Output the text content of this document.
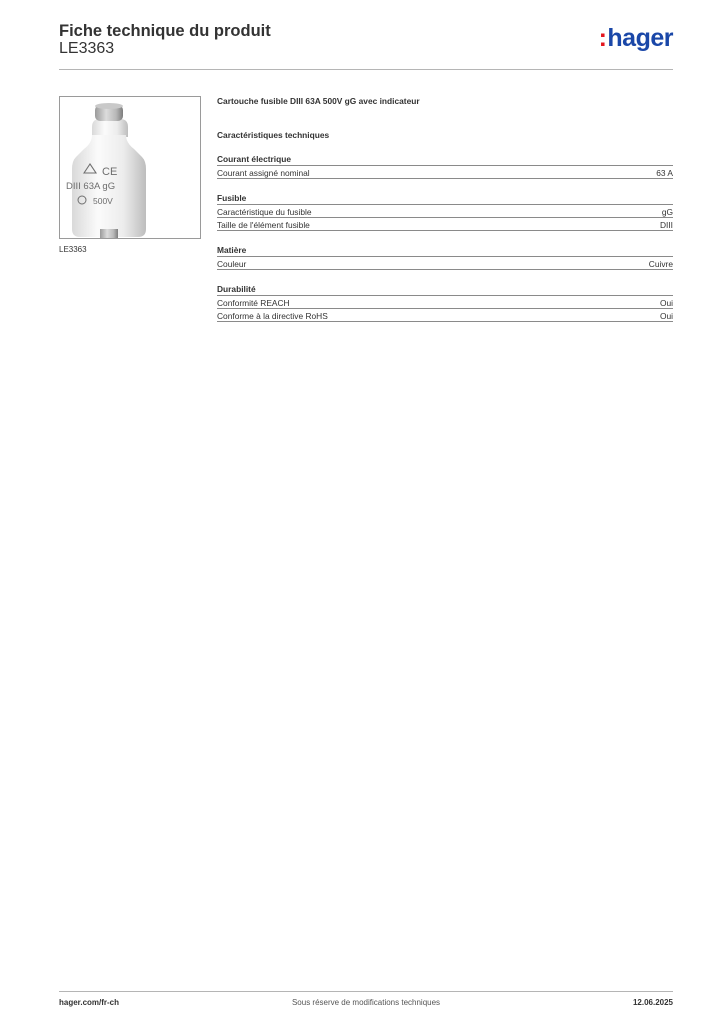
Fiche technique du produit
LE3363	:hager
CE
DIII 63A gG
500V
LE3363
Cartouche fusible DIII 63A 500V gG avec indicateur
Caractéristiques techniques
Courant électrique
Courant assigné nominal	63 A
Fusible
Caractéristique du fusible	gG
Taille de l'élément fusible	DIII
Matière
Couleur	Cuivre
Durabilité
Conformité REACH	Oui
Conforme à la directive RoHS	Oui
Sous réserve de modifications techniques
hager.com/fr-ch	12.06.2025
